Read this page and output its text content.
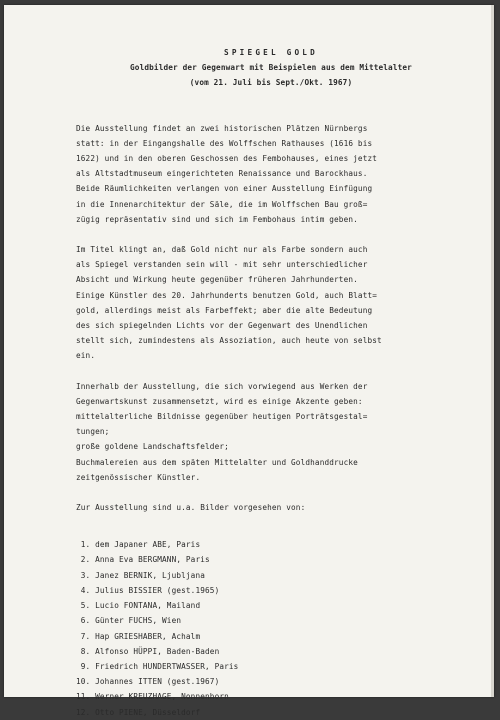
SPIEGEL GOLD
Goldbilder der Gegenwart mit Beispielen aus dem Mittelalter
(vom 21. Juli bis Sept./Okt. 1967)
Die Ausstellung findet an zwei historischen Plätzen Nürnbergs
statt: in der Eingangshalle des Wolffschen Rathauses (1616 bis
1622) und in den oberen Geschossen des Fembohauses, eines jetzt
als Altstadtmuseum eingerichteten Renaissance und Barockhaus.
Beide Räumlichkeiten verlangen von einer Ausstellung Einfügung
in die Innenarchitektur der Säle, die im Wolffschen Bau groß=
zügig repräsentativ sind und sich im Fembohaus intim geben.
Im Titel klingt an, daß Gold nicht nur als Farbe sondern auch
als Spiegel verstanden sein will - mit sehr unterschiedlicher
Absicht und Wirkung heute gegenüber früheren Jahrhunderten.
Einige Künstler des 20. Jahrhunderts benutzen Gold, auch Blatt=
gold, allerdings meist als Farbeffekt; aber die alte Bedeutung
des sich spiegelnden Lichts vor der Gegenwart des Unendlichen
stellt sich, zumindestens als Assoziation, auch heute von selbst
ein.
Innerhalb der Ausstellung, die sich vorwiegend aus Werken der
Gegenwartskunst zusammensetzt, wird es einige Akzente geben:
mittelalterliche Bildnisse gegenüber heutigen Porträtsgestal=
tungen;
große goldene Landschaftsfelder;
Buchmalereien aus dem späten Mittelalter und Goldhanddrucke
zeitgenössischer Künstler.
Zur Ausstellung sind u.a. Bilder vorgesehen von:
1. dem Japaner ABE, Paris
2. Anna Eva BERGMANN, Paris
3. Janez BERNIK, Ljubljana
4. Julius BISSIER (gest.1965)
5. Lucio FONTANA, Mailand
6. Günter FUCHS, Wien
7. Hap GRIESHABER, Achalm
8. Alfonso HÜPPI, Baden-Baden
9. Friedrich HUNDERTWASSER, Paris
10. Johannes ITTEN (gest.1967)
11. Werner KREUZHAGE, Nonnenhorn
12. Otto PIENE, Düsseldorf
